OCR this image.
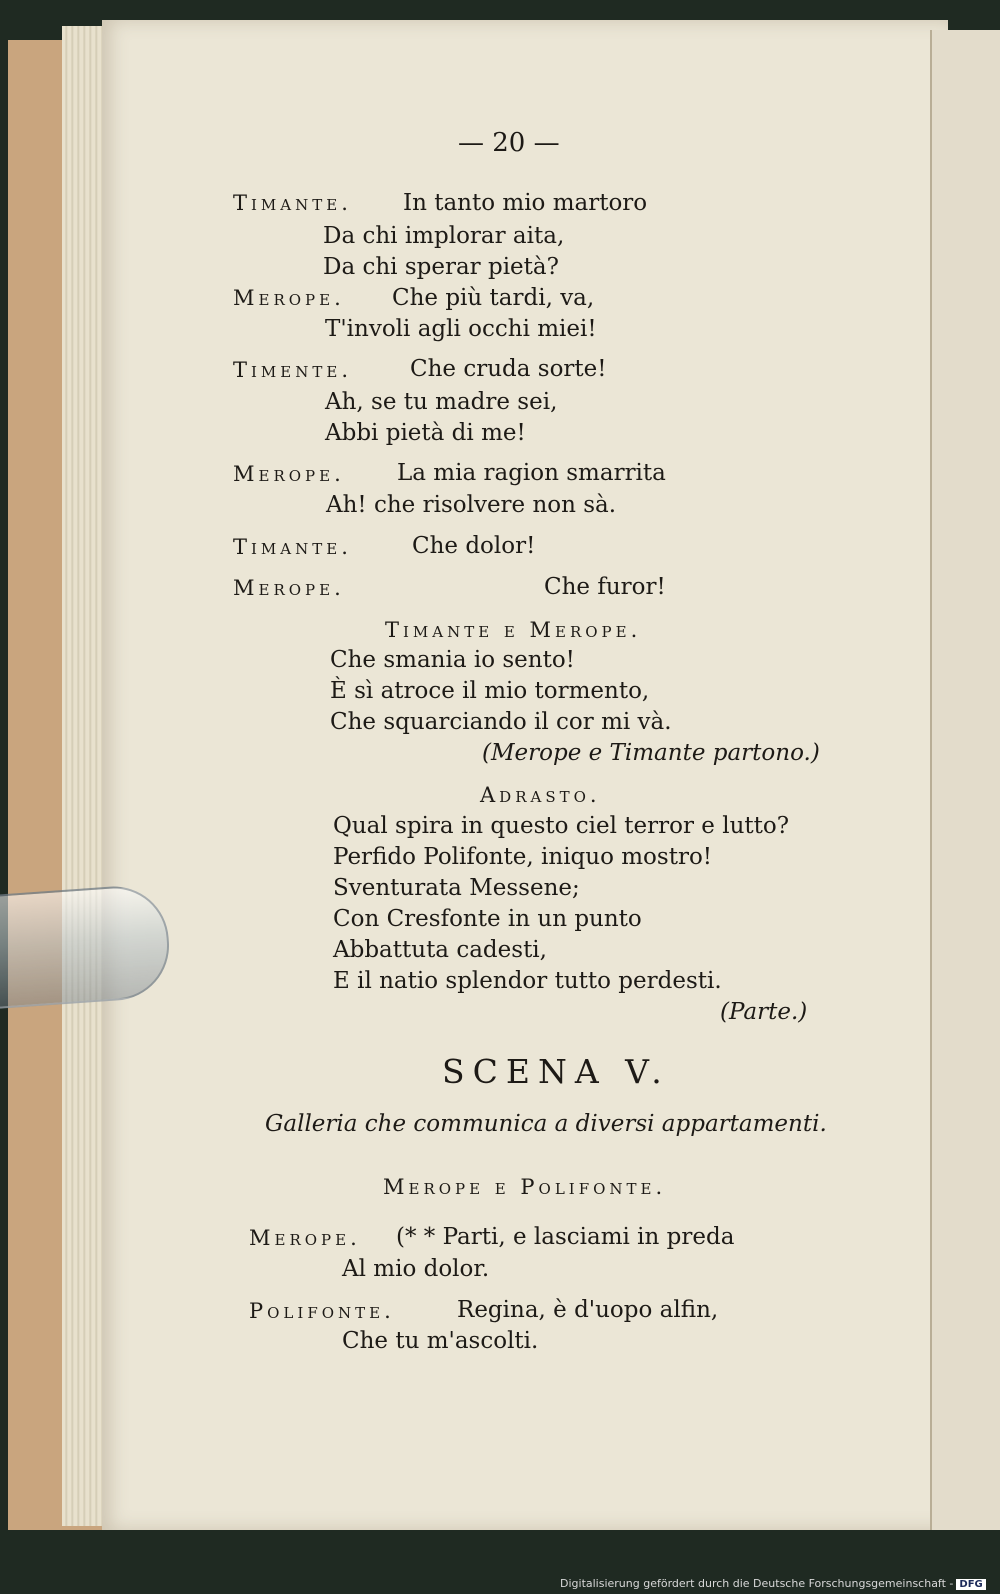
— 20 —
Timante. In tanto mio martoro
Da chi implorar aita,
Da chi sperar pietà?
Merope. Che più tardi, va,
T'involi agli occhi miei!
Timente.	Che cruda sorte!
Ah, se tu madre sei,
Abbi pietà di me!
Merope. La mia ragion smarrita
Ah! che risolvere non sà.
Timante.	Che dolor!
Merope.	Che furor!
Timante e Merope.
Che smania io sento!
È sì atroce il mio tormento,
Che squarciando il cor mi và.
(Merope e Timante partono.)
Adrasto.
Qual spira in questo ciel terror e lutto?
Perfido Polifonte, iniquo mostro!
Sventurata Messene;
Con Cresfonte in un punto
Abbattuta cadesti,
E il natio splendor tutto perdesti.
(Parte.)
SCENA V.
Galleria che communica a diversi appartamenti.
Merope e Polifonte.
Merope. (* * Parti, e lasciami in preda
Al mio dolor.
Polifonte.	Regina, è d'uopo alfin,
Che tu m'ascolti.
Digitalisierung gefördert durch die Deutsche Forschungsgemeinschaft - DFG
